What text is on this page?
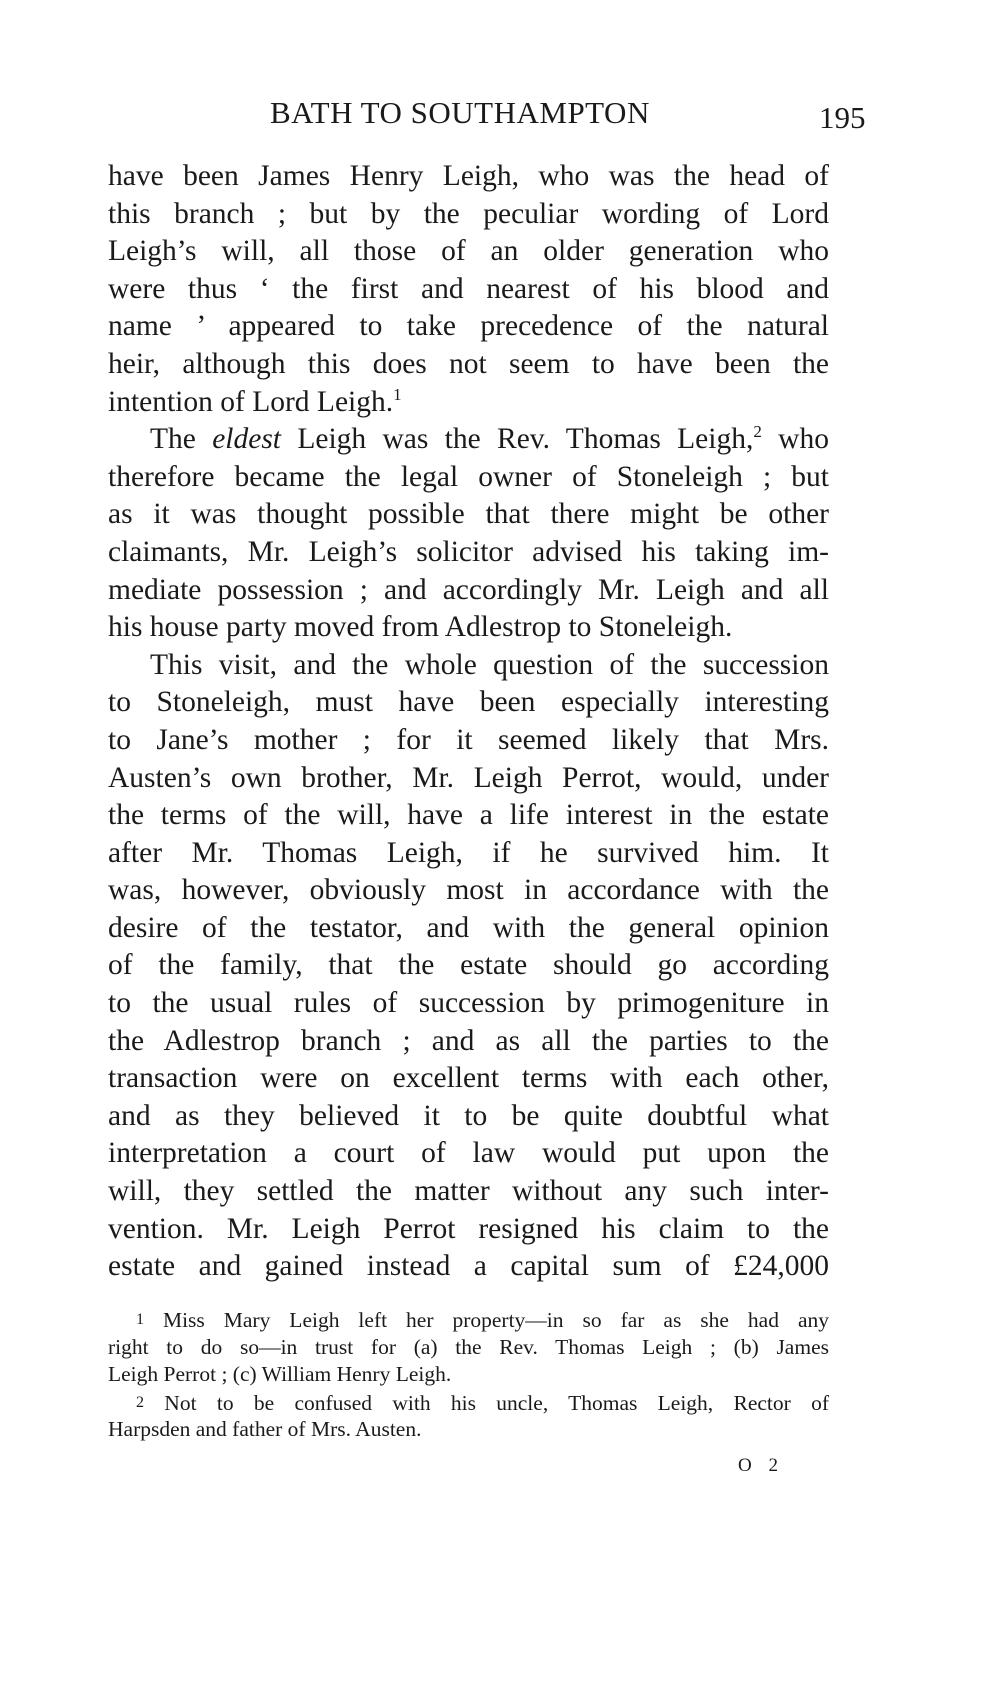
BATH TO SOUTHAMPTON	195
have been James Henry Leigh, who was the head of
this branch ; but by the peculiar wording of Lord
Leigh’s will, all those of an older generation who
were thus ‘ the first and nearest of his blood and
name ’ appeared to take precedence of the natural
heir, although this does not seem to have been the
intention of Lord Leigh.$^1$
The eldest Leigh was the Rev. Thomas Leigh,$^2$ who
therefore became the legal owner of Stoneleigh ; but
as it was thought possible that there might be other
claimants, Mr. Leigh’s solicitor advised his taking im-
mediate possession ; and accordingly Mr. Leigh and all
his house party moved from Adlestrop to Stoneleigh.
This visit, and the whole question of the succession
to Stoneleigh, must have been especially interesting
to Jane’s mother ; for it seemed likely that Mrs.
Austen’s own brother, Mr. Leigh Perrot, would, under
the terms of the will, have a life interest in the estate
after Mr. Thomas Leigh, if he survived him. It
was, however, obviously most in accordance with the
desire of the testator, and with the general opinion
of the family, that the estate should go according
to the usual rules of succession by primogeniture in
the Adlestrop branch ; and as all the parties to the
transaction were on excellent terms with each other,
and as they believed it to be quite doubtful what
interpretation a court of law would put upon the
will, they settled the matter without any such inter-
vention. Mr. Leigh Perrot resigned his claim to the
estate and gained instead a capital sum of £24,000
1 Miss Mary Leigh left her property—in so far as she had any
right to do so—in trust for (a) the Rev. Thomas Leigh ; (b) James
Leigh Perrot ; (c) William Henry Leigh.
2 Not to be confused with his uncle, Thomas Leigh, Rector of
Harpsden and father of Mrs. Austen.
O 2
